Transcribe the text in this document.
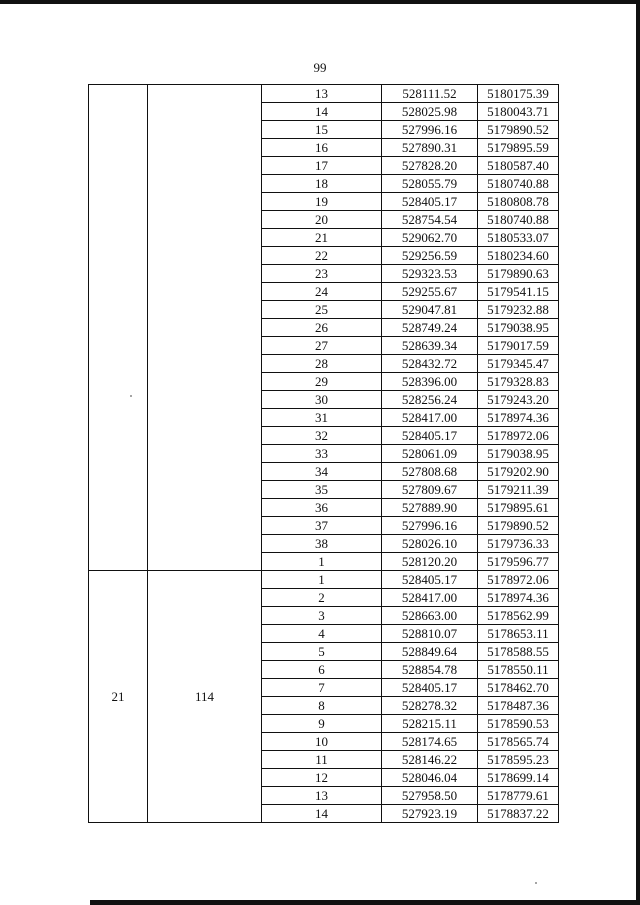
99
		13	528111.52	5180175.39
		14	528025.98	5180043.71
		15	527996.16	5179890.52
		16	527890.31	5179895.59
		17	527828.20	5180587.40
		18	528055.79	5180740.88
		19	528405.17	5180808.78
		20	528754.54	5180740.88
		21	529062.70	5180533.07
		22	529256.59	5180234.60
		23	529323.53	5179890.63
		24	529255.67	5179541.15
		25	529047.81	5179232.88
		26	528749.24	5179038.95
		27	528639.34	5179017.59
		28	528432.72	5179345.47
		29	528396.00	5179328.83
		30	528256.24	5179243.20
		31	528417.00	5178974.36
		32	528405.17	5178972.06
		33	528061.09	5179038.95
		34	527808.68	5179202.90
		35	527809.67	5179211.39
		36	527889.90	5179895.61
		37	527996.16	5179890.52
		38	528026.10	5179736.33
		1	528120.20	5179596.77
21	114	1	528405.17	5178972.06
		2	528417.00	5178974.36
		3	528663.00	5178562.99
		4	528810.07	5178653.11
		5	528849.64	5178588.55
		6	528854.78	5178550.11
		7	528405.17	5178462.70
		8	528278.32	5178487.36
		9	528215.11	5178590.53
		10	528174.65	5178565.74
		11	528146.22	5178595.23
		12	528046.04	5178699.14
		13	527958.50	5178779.61
		14	527923.19	5178837.22
